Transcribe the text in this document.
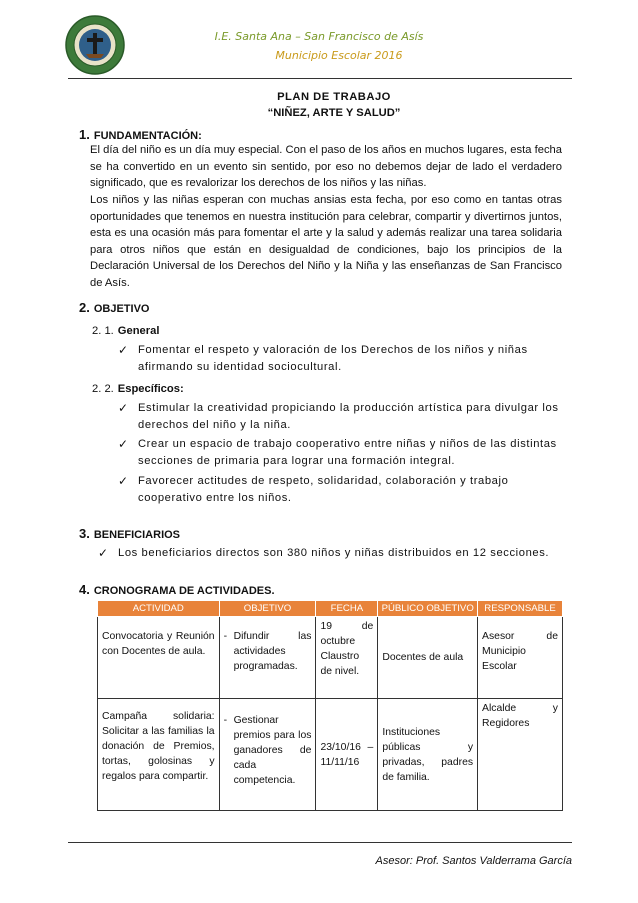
I.E. Santa Ana – San Francisco de Asís
Municipio Escolar 2016
PLAN DE TRABAJO
“NIÑEZ, ARTE Y SALUD”
1. FUNDAMENTACIÓN:
El día del niño es un día muy especial. Con el paso de los años en muchos lugares, esta fecha se ha convertido en un evento sin sentido, por eso no debemos dejar de lado el verdadero significado, que es revalorizar los derechos de los niños y las niñas.
Los niños y las niñas esperan con muchas ansias esta fecha, por eso como en tantas otras oportunidades que tenemos en nuestra institución para celebrar, compartir y divertirnos juntos, esta es una ocasión más para fomentar el arte y la salud y además realizar una tarea solidaria para otros niños que están en desigualdad de condiciones, bajo los principios de la Declaración Universal de los Derechos del Niño y la Niña y las enseñanzas de San Francisco de Asís.
2. OBJETIVO
2. 1. General
✓ Fomentar el respeto y valoración de los Derechos de los niños y niñas afirmando su identidad sociocultural.
2. 2. Específicos:
✓ Estimular la creatividad propiciando la producción artística para divulgar los derechos del niño y la niña.
✓ Crear un espacio de trabajo cooperativo entre niñas y niños de las distintas secciones de primaria para lograr una formación integral.
✓ Favorecer actitudes de respeto, solidaridad, colaboración y trabajo cooperativo entre los niños.
3. BENEFICIARIOS
✓ Los beneficiarios directos son 380 niños y niñas distribuidos en 12 secciones.
4. CRONOGRAMA DE ACTIVIDADES.
ACTIVIDAD	OBJETIVO	FECHA	PÚBLICO OBJETIVO	RESPONSABLE
Convocatoria y Reunión con Docentes de aula.	- Difundir las actividades programadas.	19 de octubre Claustro de nivel.	Docentes de aula	Asesor de Municipio Escolar
Campaña solidaria: Solicitar a las familias la donación de Premios, tortas, golosinas y regalos para compartir.	- Gestionar premios para los ganadores de cada competencia.	23/10/16 – 11/11/16	Instituciones públicas y privadas, padres de familia.	Alcalde y Regidores
Asesor: Prof. Santos Valderrama García
